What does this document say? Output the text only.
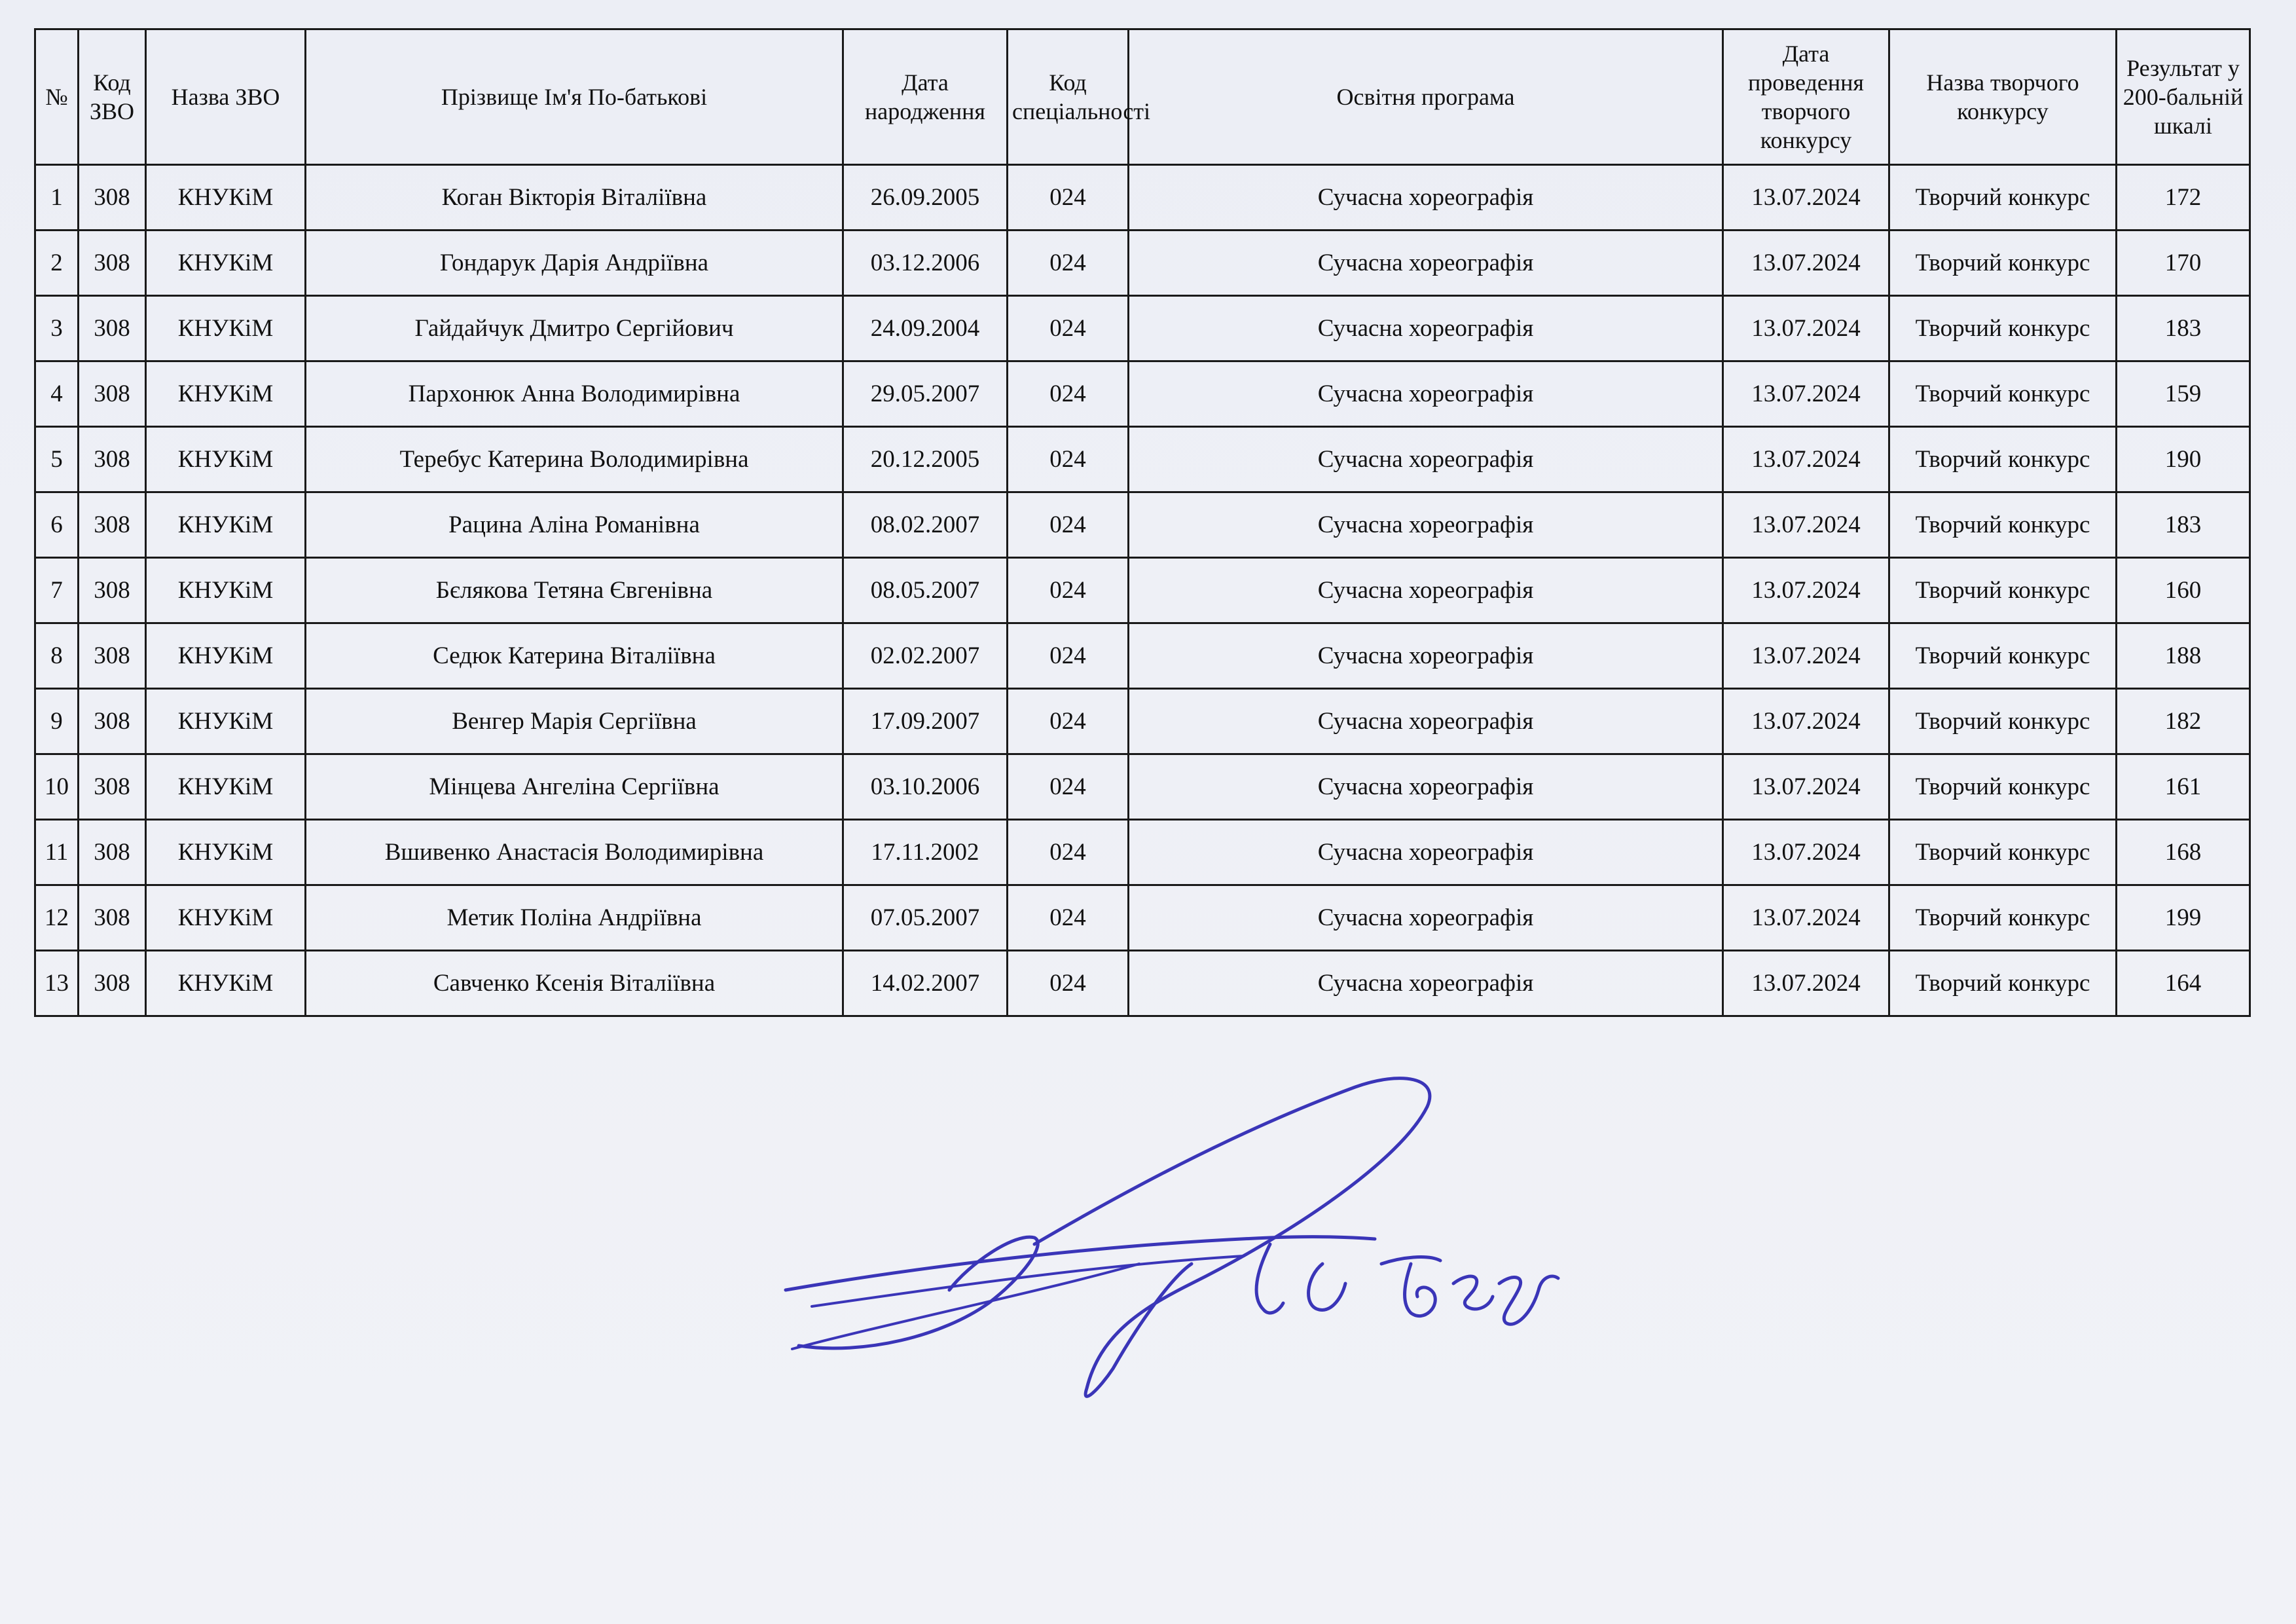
№	Код ЗВО	Назва ЗВО	Прізвище Ім'я По-батькові	Дата народження	Код спеціальності	Освітня програма	Дата проведення творчого конкурсу	Назва творчого конкурсу	Результат у 200-бальній шкалі
1	308	КНУКіМ	Коган Вікторія Віталіївна	26.09.2005	024	Сучасна хореографія	13.07.2024	Творчий конкурс	172
2	308	КНУКіМ	Гондарук Дарія Андріївна	03.12.2006	024	Сучасна хореографія	13.07.2024	Творчий конкурс	170
3	308	КНУКіМ	Гайдайчук Дмитро Сергійович	24.09.2004	024	Сучасна хореографія	13.07.2024	Творчий конкурс	183
4	308	КНУКіМ	Пархонюк Анна Володимирівна	29.05.2007	024	Сучасна хореографія	13.07.2024	Творчий конкурс	159
5	308	КНУКіМ	Теребус Катерина Володимирівна	20.12.2005	024	Сучасна хореографія	13.07.2024	Творчий конкурс	190
6	308	КНУКіМ	Рацина Аліна Романівна	08.02.2007	024	Сучасна хореографія	13.07.2024	Творчий конкурс	183
7	308	КНУКіМ	Бєлякова Тетяна Євгенівна	08.05.2007	024	Сучасна хореографія	13.07.2024	Творчий конкурс	160
8	308	КНУКіМ	Седюк Катерина Віталіївна	02.02.2007	024	Сучасна хореографія	13.07.2024	Творчий конкурс	188
9	308	КНУКіМ	Венгер Марія Сергіївна	17.09.2007	024	Сучасна хореографія	13.07.2024	Творчий конкурс	182
10	308	КНУКіМ	Мінцева Ангеліна Сергіївна	03.10.2006	024	Сучасна хореографія	13.07.2024	Творчий конкурс	161
11	308	КНУКіМ	Вшивенко Анастасія Володимирівна	17.11.2002	024	Сучасна хореографія	13.07.2024	Творчий конкурс	168
12	308	КНУКіМ	Метик Поліна Андріївна	07.05.2007	024	Сучасна хореографія	13.07.2024	Творчий конкурс	199
13	308	КНУКіМ	Савченко Ксенія Віталіївна	14.02.2007	024	Сучасна хореографія	13.07.2024	Творчий конкурс	164
